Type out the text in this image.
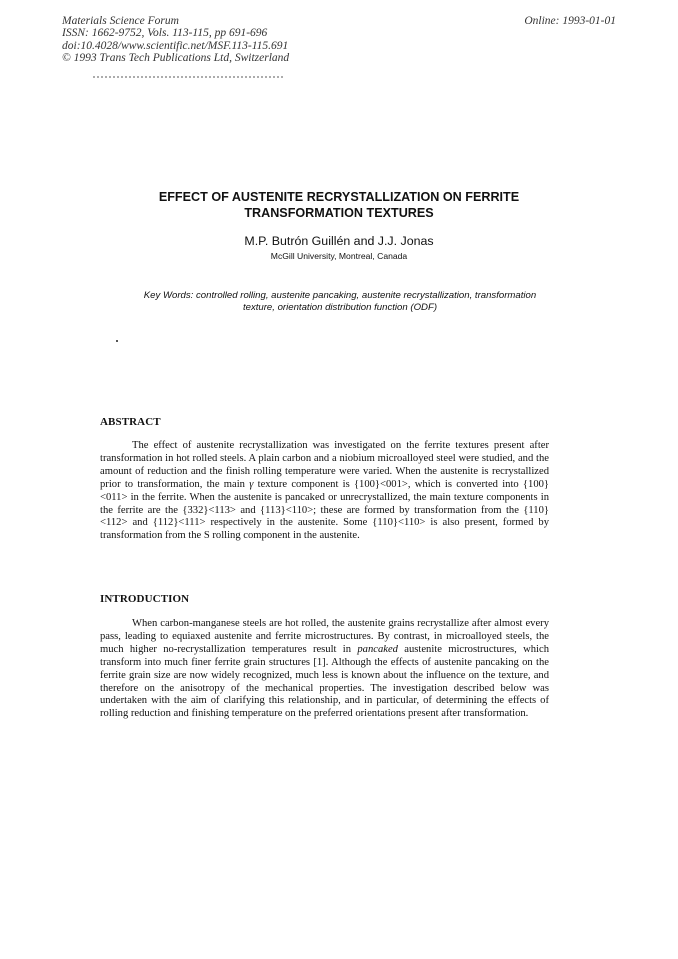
Materials Science Forum
ISSN: 1662-9752, Vols. 113-115, pp 691-696
doi:10.4028/www.scientific.net/MSF.113-115.691
© 1993 Trans Tech Publications Ltd, Switzerland
Online: 1993-01-01
EFFECT OF AUSTENITE RECRYSTALLIZATION ON FERRITE
TRANSFORMATION TEXTURES
M.P. Butrón Guillén and J.J. Jonas
McGill University, Montreal, Canada
Key Words: controlled rolling, austenite pancaking, austenite recrystallization, transformation
texture, orientation distribution function (ODF)
ABSTRACT

The effect of austenite recrystallization was investigated on the ferrite textures present after transformation in hot rolled steels. A plain carbon and a niobium microalloyed steel were studied, and the amount of reduction and the finish rolling temperature were varied. When the austenite is recrystallized prior to transformation, the main γ texture component is {100}<001>, which is converted into {100}<011> in the ferrite. When the austenite is pancaked or unrecrystallized, the main texture components in the ferrite are the {332}<113> and {113}<110>; these are formed by transformation from the {110}<112> and {112}<111> respectively in the austenite. Some {110}<110> is also present, formed by transformation from the S rolling component in the austenite.

INTRODUCTION

When carbon-manganese steels are hot rolled, the austenite grains recrystallize after almost every pass, leading to equiaxed austenite and ferrite microstructures. By contrast, in microalloyed steels, the much higher no-recrystallization temperatures result in pancaked austenite microstructures, which transform into much finer ferrite grain structures [1]. Although the effects of austenite pancaking on the ferrite grain size are now widely recognized, much less is known about the influence on the texture, and therefore on the anisotropy of the mechanical properties. The investigation described below was undertaken with the aim of clarifying this relationship, and in particular, of determining the effects of rolling reduction and finishing temperature on the preferred orientations present after transformation.
